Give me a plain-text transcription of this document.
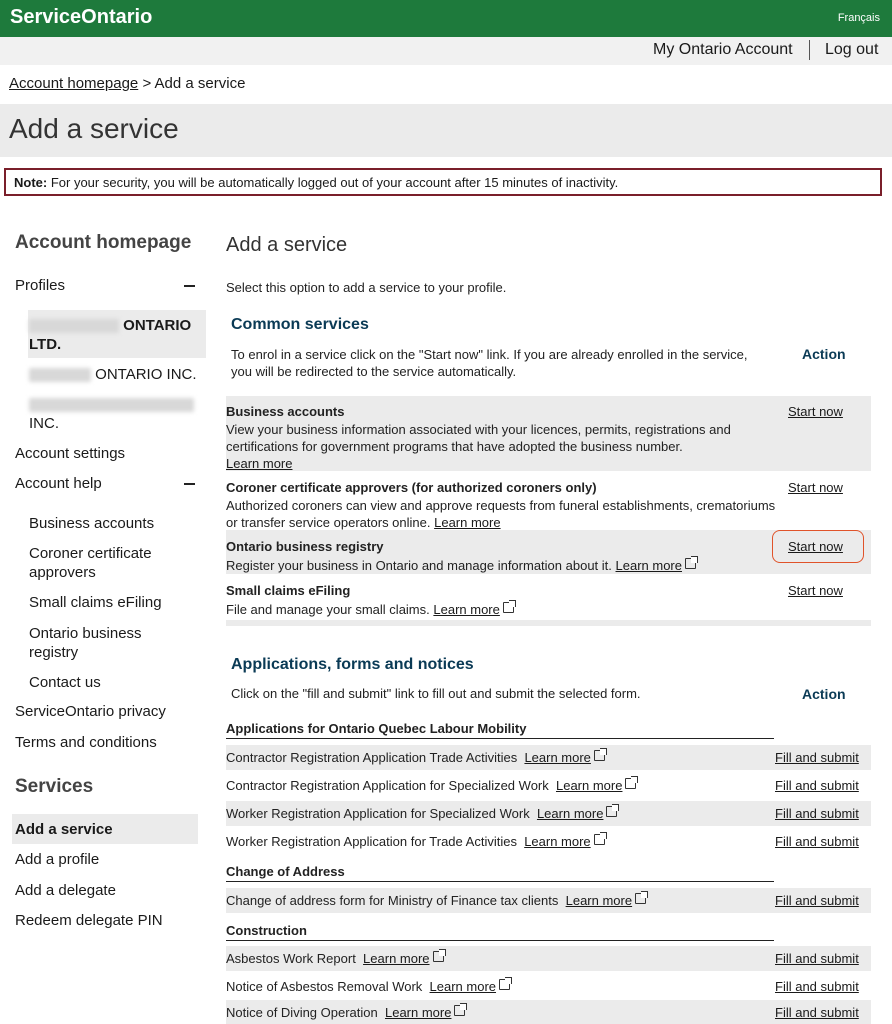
ServiceOntario	Français
My Ontario Account Log out
Account homepage > Add a service
Add a service
Note: For your security, you will be automatically logged out of your account after 15 minutes of inactivity.
Account homepage
Profiles
ONTARIO
LTD.
ONTARIO INC.

INC.
Account settings
Account help
Business accounts
Coroner certificate approvers
Small claims eFiling
Ontario business registry
Contact us
ServiceOntario privacy
Terms and conditions
Services
Add a service
Add a profile
Add a delegate
Redeem delegate PIN
Add a service
Select this option to add a service to your profile.
Common services
To enrol in a service click on the "Start now" link. If you are already enrolled in the service, you will be redirected to the service automatically.
Action
Business accounts
View your business information associated with your licences, permits, registrations and certifications for government programs that have adopted the business number.
Learn more
Start now
Coroner certificate approvers (for authorized coroners only)
Authorized coroners can view and approve requests from funeral establishments, crematoriums or transfer service operators online. Learn more
Start now
Ontario business registry
Register your business in Ontario and manage information about it. Learn more
Start now
Small claims eFiling
File and manage your small claims. Learn more
Start now
Applications, forms and notices
Click on the "fill and submit" link to fill out and submit the selected form.	Action
Applications for Ontario Quebec Labour Mobility
Contractor Registration Application Trade Activities Learn more	Fill and submit
Contractor Registration Application for Specialized Work Learn more	Fill and submit
Worker Registration Application for Specialized Work Learn more	Fill and submit
Worker Registration Application for Trade Activities Learn more	Fill and submit
Change of Address
Change of address form for Ministry of Finance tax clients Learn more	Fill and submit
Construction
Asbestos Work Report Learn more	Fill and submit
Notice of Asbestos Removal Work Learn more	Fill and submit
Notice of Diving Operation Learn more	Fill and submit
